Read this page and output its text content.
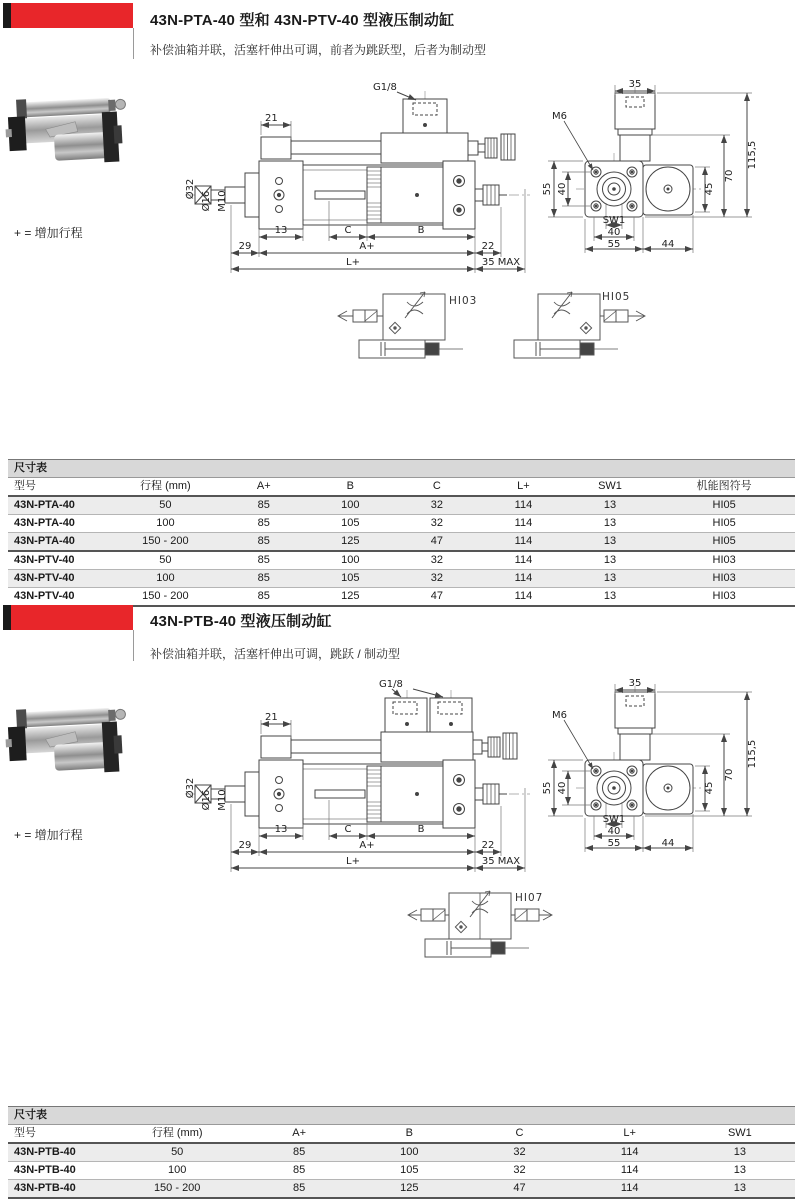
43N-PTA-40 型和 43N-PTV-40 型液压制动缸
补偿油箱并联，活塞杆伸出可调，前者为跳跃型，后者为制动型
+ = 增加行程
G1/8
21
13	C	B
29	A+	22
L+	35 MAX
Ø32
Ø16 M10
35
M6
55 40
SW1
40
55	44
45
70
115,5
HI03	HI05
尺寸表							
型号	行程 (mm)	A+	B	C	L+	SW1	机能图符号
43N-PTA-40	50	85	100	32	114	13	HI05
43N-PTA-40	100	85	105	32	114	13	HI05
43N-PTA-40	150 - 200	85	125	47	114	13	HI05
43N-PTV-40	50	85	100	32	114	13	HI03
43N-PTV-40	100	85	105	32	114	13	HI03
43N-PTV-40	150 - 200	85	125	47	114	13	HI03
43N-PTB-40 型液压制动缸
补偿油箱并联，活塞杆伸出可调，跳跃 / 制动型
+ = 增加行程
G1/8
21
13	C	B
29	A+	22
L+	35 MAX
Ø32
Ø16 M10
35
M6
55 40
SW1
40
55	44
45
70
115,5
HI07
尺寸表						
型号	行程 (mm)	A+	B	C	L+	SW1
43N-PTB-40	50	85	100	32	114	13
43N-PTB-40	100	85	105	32	114	13
43N-PTB-40	150 - 200	85	125	47	114	13
